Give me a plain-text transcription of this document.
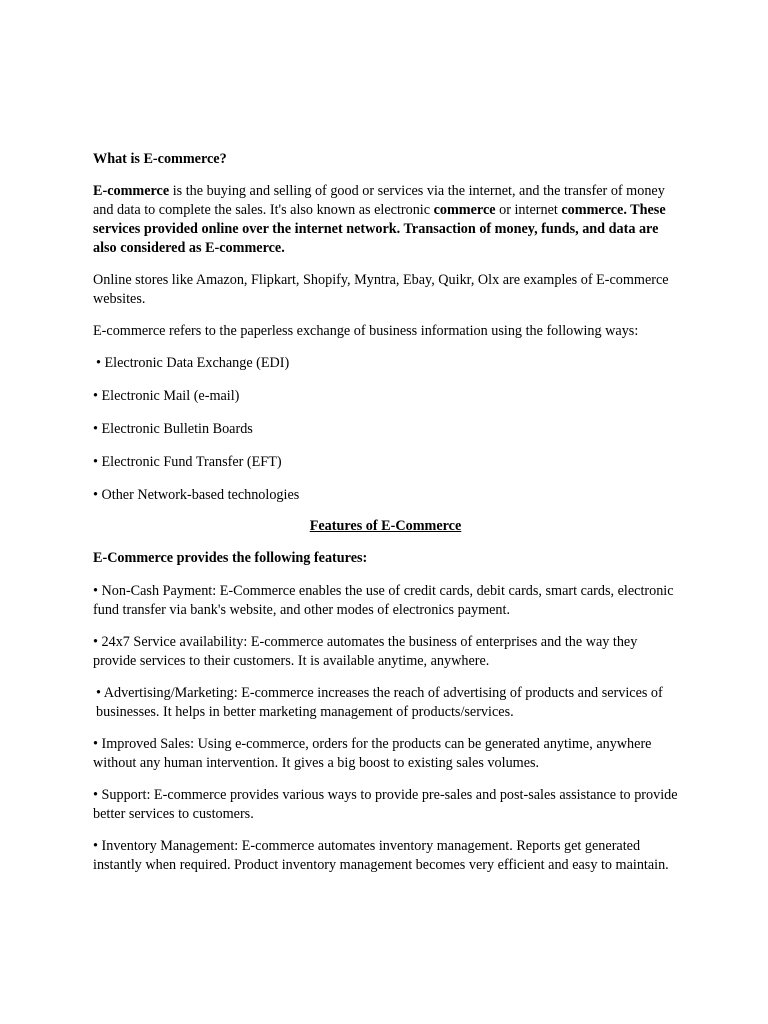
What is E-commerce?

E-commerce is the buying and selling of good or services via the internet, and the transfer of money and data to complete the sales. It's also known as electronic commerce or internet commerce. These services provided online over the internet network. Transaction of money, funds, and data are also considered as E-commerce.

Online stores like Amazon, Flipkart, Shopify, Myntra, Ebay, Quikr, Olx are examples of E-commerce websites.

E-commerce refers to the paperless exchange of business information using the following ways:

• Electronic Data Exchange (EDI)
• Electronic Mail (e-mail)
• Electronic Bulletin Boards
• Electronic Fund Transfer (EFT)
• Other Network-based technologies

Features of E-Commerce

E-Commerce provides the following features:

• Non-Cash Payment: E-Commerce enables the use of credit cards, debit cards, smart cards, electronic fund transfer via bank's website, and other modes of electronics payment.
• 24x7 Service availability: E-commerce automates the business of enterprises and the way they provide services to their customers. It is available anytime, anywhere.
• Advertising/Marketing: E-commerce increases the reach of advertising of products and services of businesses. It helps in better marketing management of products/services.
• Improved Sales: Using e-commerce, orders for the products can be generated anytime, anywhere without any human intervention. It gives a big boost to existing sales volumes.
• Support: E-commerce provides various ways to provide pre-sales and post-sales assistance to provide better services to customers.
• Inventory Management: E-commerce automates inventory management. Reports get generated instantly when required. Product inventory management becomes very efficient and easy to maintain.
